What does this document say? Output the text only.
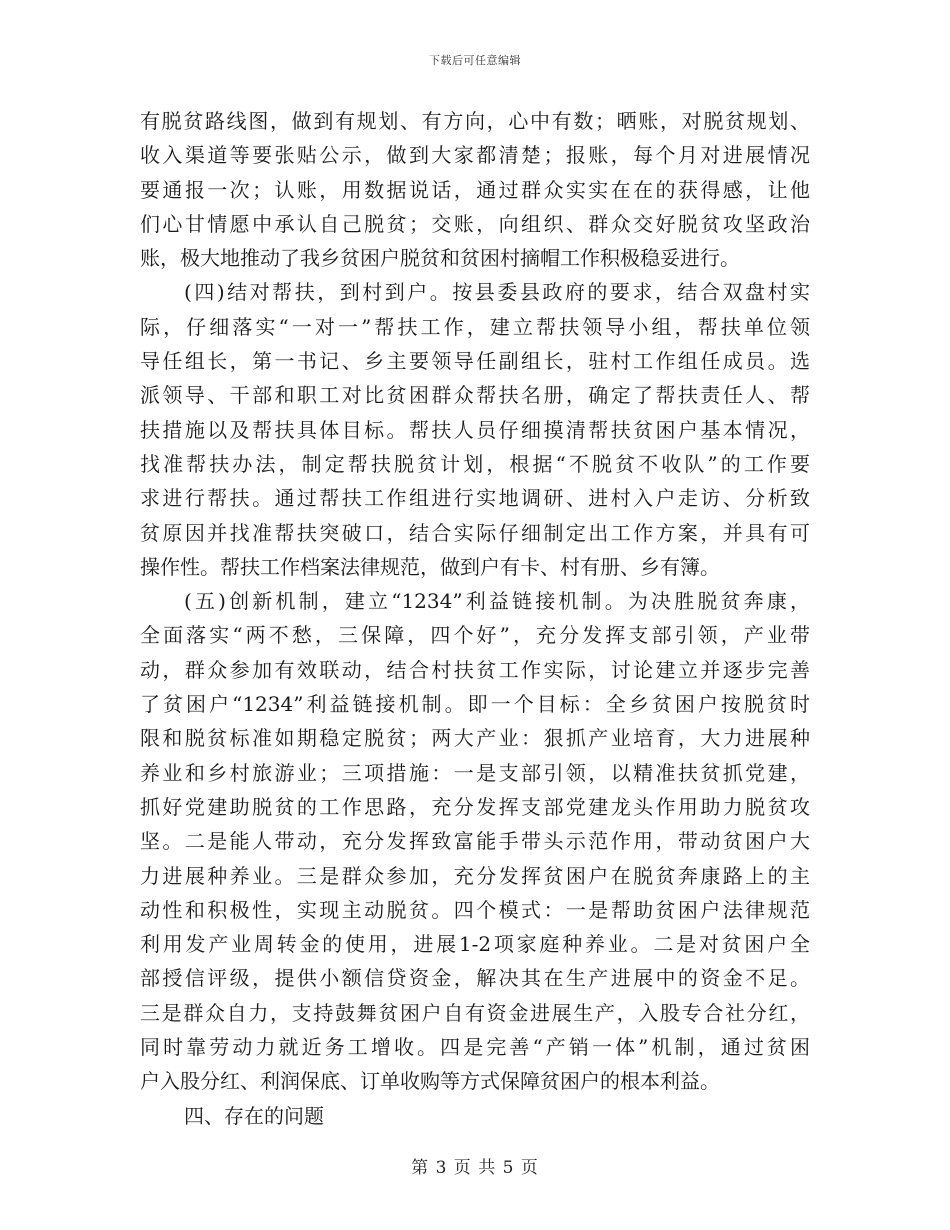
下载后可任意编辑
有脱贫路线图，做到有规划、有方向，心中有数；晒账，对脱贫规划、
收入渠道等要张贴公示，做到大家都清楚；报账，每个月对进展情况
要通报一次；认账，用数据说话，通过群众实实在在的获得感，让他
们心甘情愿中承认自己脱贫；交账，向组织、群众交好脱贫攻坚政治
账，极大地推动了我乡贫困户脱贫和贫困村摘帽工作积极稳妥进行。
(四)结对帮扶，到村到户。按县委县政府的要求，结合双盘村实
际，仔细落实“一对一”帮扶工作，建立帮扶领导小组，帮扶单位领
导任组长，第一书记、乡主要领导任副组长，驻村工作组任成员。选
派领导、干部和职工对比贫困群众帮扶名册，确定了帮扶责任人、帮
扶措施以及帮扶具体目标。帮扶人员仔细摸清帮扶贫困户基本情况，
找准帮扶办法，制定帮扶脱贫计划，根据“不脱贫不收队”的工作要
求进行帮扶。通过帮扶工作组进行实地调研、进村入户走访、分析致
贫原因并找准帮扶突破口，结合实际仔细制定出工作方案，并具有可
操作性。帮扶工作档案法律规范，做到户有卡、村有册、乡有簿。
(五)创新机制，建立“1234”利益链接机制。为决胜脱贫奔康，
全面落实“两不愁，三保障，四个好”，充分发挥支部引领，产业带
动，群众参加有效联动，结合村扶贫工作实际，讨论建立并逐步完善
了贫困户“1234”利益链接机制。即一个目标：全乡贫困户按脱贫时
限和脱贫标准如期稳定脱贫；两大产业：狠抓产业培育，大力进展种
养业和乡村旅游业；三项措施：一是支部引领，以精准扶贫抓党建，
抓好党建助脱贫的工作思路，充分发挥支部党建龙头作用助力脱贫攻
坚。二是能人带动，充分发挥致富能手带头示范作用，带动贫困户大
力进展种养业。三是群众参加，充分发挥贫困户在脱贫奔康路上的主
动性和积极性，实现主动脱贫。四个模式：一是帮助贫困户法律规范
利用发产业周转金的使用，进展1-2项家庭种养业。二是对贫困户全
部授信评级，提供小额信贷资金，解决其在生产进展中的资金不足。
三是群众自力，支持鼓舞贫困户自有资金进展生产，入股专合社分红，
同时靠劳动力就近务工增收。四是完善“产销一体”机制，通过贫困
户入股分红、利润保底、订单收购等方式保障贫困户的根本利益。
四、存在的问题
第 3 页 共 5 页
